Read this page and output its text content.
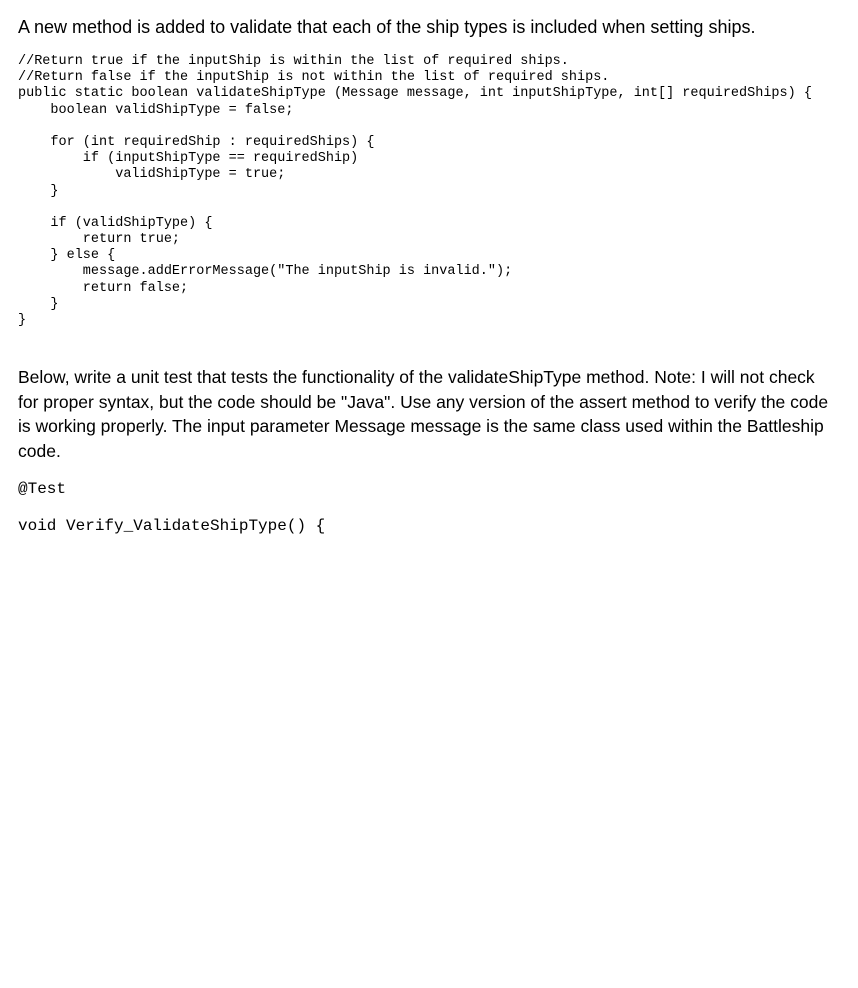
A new method is added to validate that each of the ship types is included when setting ships.
//Return true if the inputShip is within the list of required ships.
//Return false if the inputShip is not within the list of required ships.
public static boolean validateShipType (Message message, int inputShipType, int[] requiredShips) {
boolean validShipType = false;
for (int requiredShip : requiredShips) {
if (inputShipType == requiredShip)
validShipType = true;
}
if (validShipType) {
return true;
} else {
message.addErrorMessage("The inputShip is invalid.");
return false;
}
}

Below, write a unit test that tests the functionality of the validateShipType method. Note: I will not check for proper syntax, but the code should be "Java". Use any version of the assert method to verify the code is working properly. The input parameter Message message is the same class used within the Battleship code.

@Test
void Verify_ValidateShipType() {
